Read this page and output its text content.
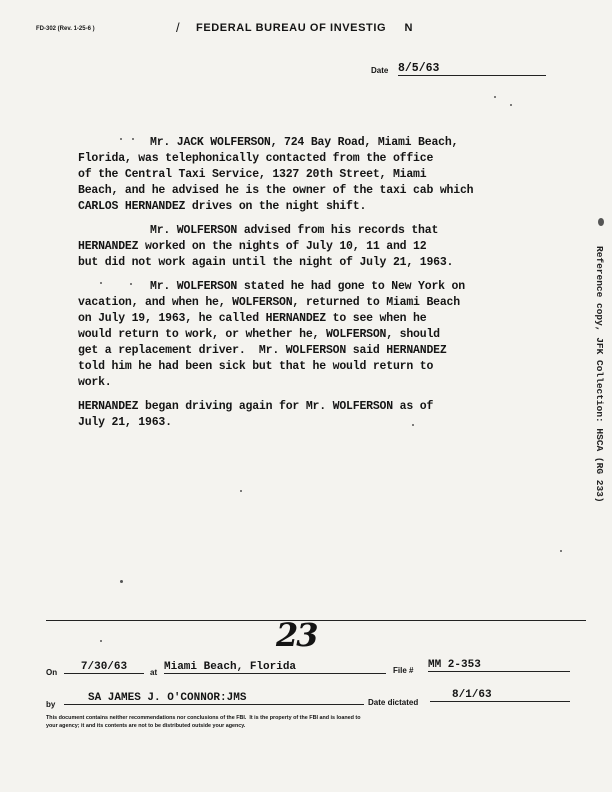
FD-302 (Rev. 1-25-6 )	/ FEDERAL BUREAU OF INVESTIG     N
Date 8/5/63
Mr. JACK WOLFERSON, 724 Bay Road, Miami Beach,
Florida, was telephonically contacted from the office
of the Central Taxi Service, 1327 20th Street, Miami
Beach, and he advised he is the owner of the taxi cab which
CARLOS HERNANDEZ drives on the night shift.
Mr. WOLFERSON advised from his records that
HERNANDEZ worked on the nights of July 10, 11 and 12
but did not work again until the night of July 21, 1963.
Mr. WOLFERSON stated he had gone to New York on
vacation, and when he, WOLFERSON, returned to Miami Beach
on July 19, 1963, he called HERNANDEZ to see when he
would return to work, or whether he, WOLFERSON, should
get a replacement driver.  Mr. WOLFERSON said HERNANDEZ
told him he had been sick but that he would return to
work.
HERNANDEZ began driving again for Mr. WOLFERSON as of
July 21, 1963.	Reference copy, JFK Collection: HSCA (RG 233)
23
On	7/30/63	at Miami Beach, Florida	File # MM 2-353
by
SA JAMES J. O'CONNOR:JMS	Date dictated
8/1/63
This document contains neither recommendations nor conclusions of the FBI.  It is the property of the FBI and is loaned to
your agency; it and its contents are not to be distributed outside your agency.
